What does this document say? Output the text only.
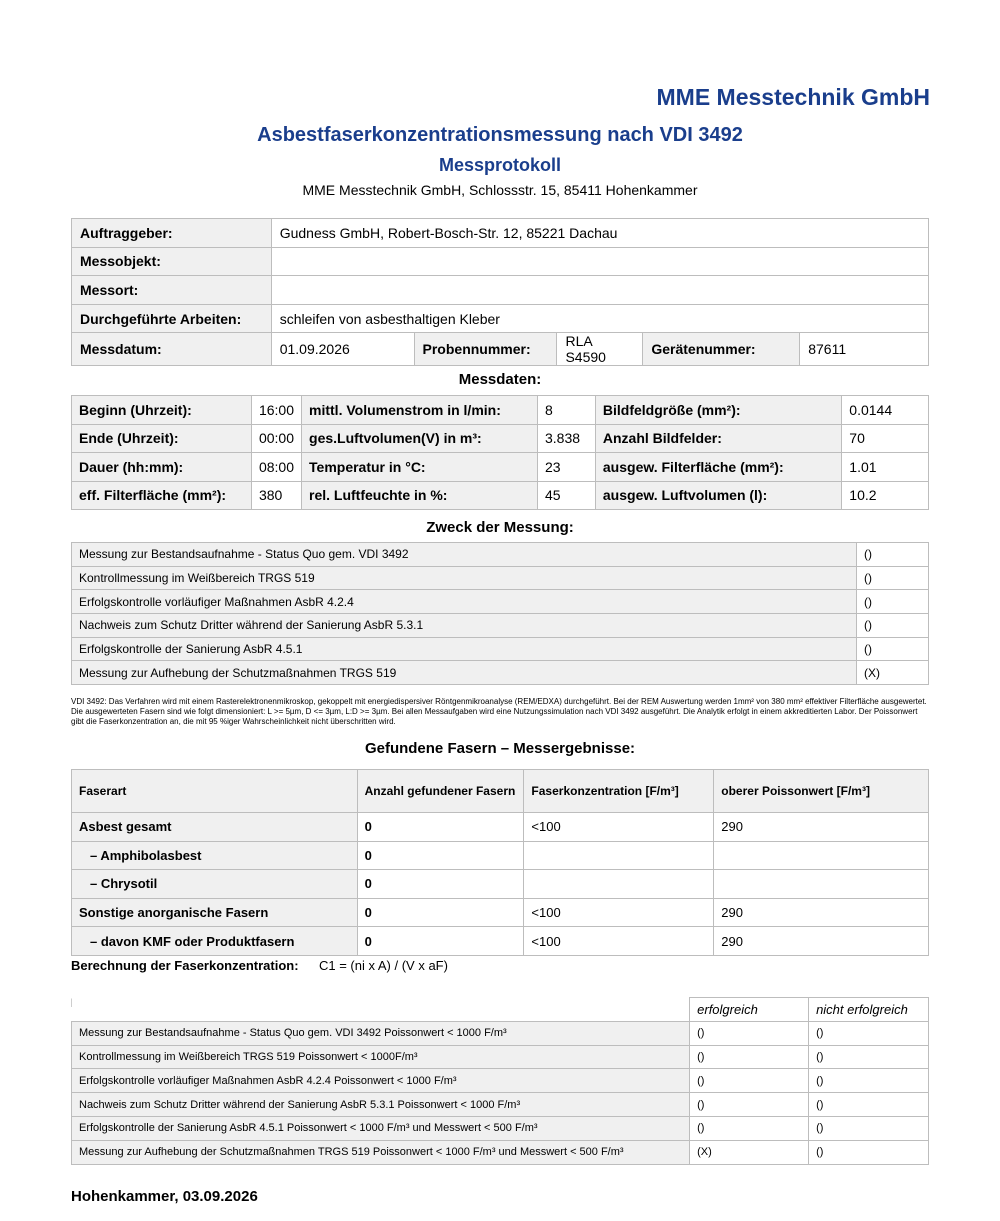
MME Messtechnik GmbH
Asbestfaserkonzentrationsmessung nach VDI 3492
Messprotokoll
MME Messtechnik GmbH, Schlossstr. 15, 85411 Hohenkammer
Auftraggeber:	Gudness GmbH, Robert-Bosch-Str. 12, 85221 Dachau				
Messobjekt:					
Messort:					
Durchgeführte Arbeiten:	schleifen von asbesthaltigen Kleber				
Messdatum:	01.09.2026	Probennummer:	RLA S4590	Gerätenummer:	87611
Messdaten:
Beginn (Uhrzeit):	16:00	mittl. Volumenstrom in l/min:	8	Bildfeldgröße (mm²):	0.0144
Ende (Uhrzeit):	00:00	ges.Luftvolumen(V) in m³:	3.838	Anzahl Bildfelder:	70
Dauer (hh:mm):	08:00	Temperatur in °C:	23	ausgew. Filterfläche (mm²):	1.01
eff. Filterfläche (mm²):	380	rel. Luftfeuchte in %:	45	ausgew. Luftvolumen (l):	10.2
Zweck der Messung:
Messung zur Bestandsaufnahme - Status Quo gem. VDI 3492	()
Kontrollmessung im Weißbereich TRGS 519	()
Erfolgskontrolle vorläufiger Maßnahmen AsbR 4.2.4	()
Nachweis zum Schutz Dritter während der Sanierung AsbR 5.3.1	()
Erfolgskontrolle der Sanierung AsbR 4.5.1	()
Messung zur Aufhebung der Schutzmaßnahmen TRGS 519	(X)
VDI 3492: Das Verfahren wird mit einem Rasterelektronenmikroskop, gekoppelt mit energiedispersiver Röntgenmikroanalyse (REM/EDXA) durchgeführt. Bei der REM Auswertung werden 1mm² von 380 mm² effektiver Filterfläche ausgewertet. Die ausgewerteten Fasern sind wie folgt dimensioniert: L >= 5µm, D <= 3µm, L:D >= 3µm. Bei allen Messaufgaben wird eine Nutzungssimulation nach VDI 3492 ausgeführt. Die Analytik erfolgt in einem akkreditierten Labor. Der Poissonwert gibt die Faserkonzentration an, die mit 95 %iger Wahrscheinlichkeit nicht überschritten wird.
Gefundene Fasern – Messergebnisse:
Faserart	Anzahl gefundener Fasern	Faserkonzentration [F/m³]	oberer Poissonwert [F/m³]
Asbest gesamt	0	<100	290
– Amphibolasbest	0		
– Chrysotil	0		
Sonstige anorganische Fasern	0	<100	290
– davon KMF oder Produktfasern	0	<100	290
Berechnung der Faserkonzentration: C1 = (ni x A) / (V x aF)
	erfolgreich	nicht erfolgreich
Messung zur Bestandsaufnahme - Status Quo gem. VDI 3492 Poissonwert < 1000 F/m³	()	()
Kontrollmessung im Weißbereich TRGS 519 Poissonwert < 1000F/m³	()	()
Erfolgskontrolle vorläufiger Maßnahmen AsbR 4.2.4 Poissonwert < 1000 F/m³	()	()
Nachweis zum Schutz Dritter während der Sanierung AsbR 5.3.1 Poissonwert < 1000 F/m³	()	()
Erfolgskontrolle der Sanierung AsbR 4.5.1 Poissonwert < 1000 F/m³ und Messwert < 500 F/m³	()	()
Messung zur Aufhebung der Schutzmaßnahmen TRGS 519 Poissonwert < 1000 F/m³ und Messwert < 500 F/m³	(X)	()
Hohenkammer, 03.09.2026
